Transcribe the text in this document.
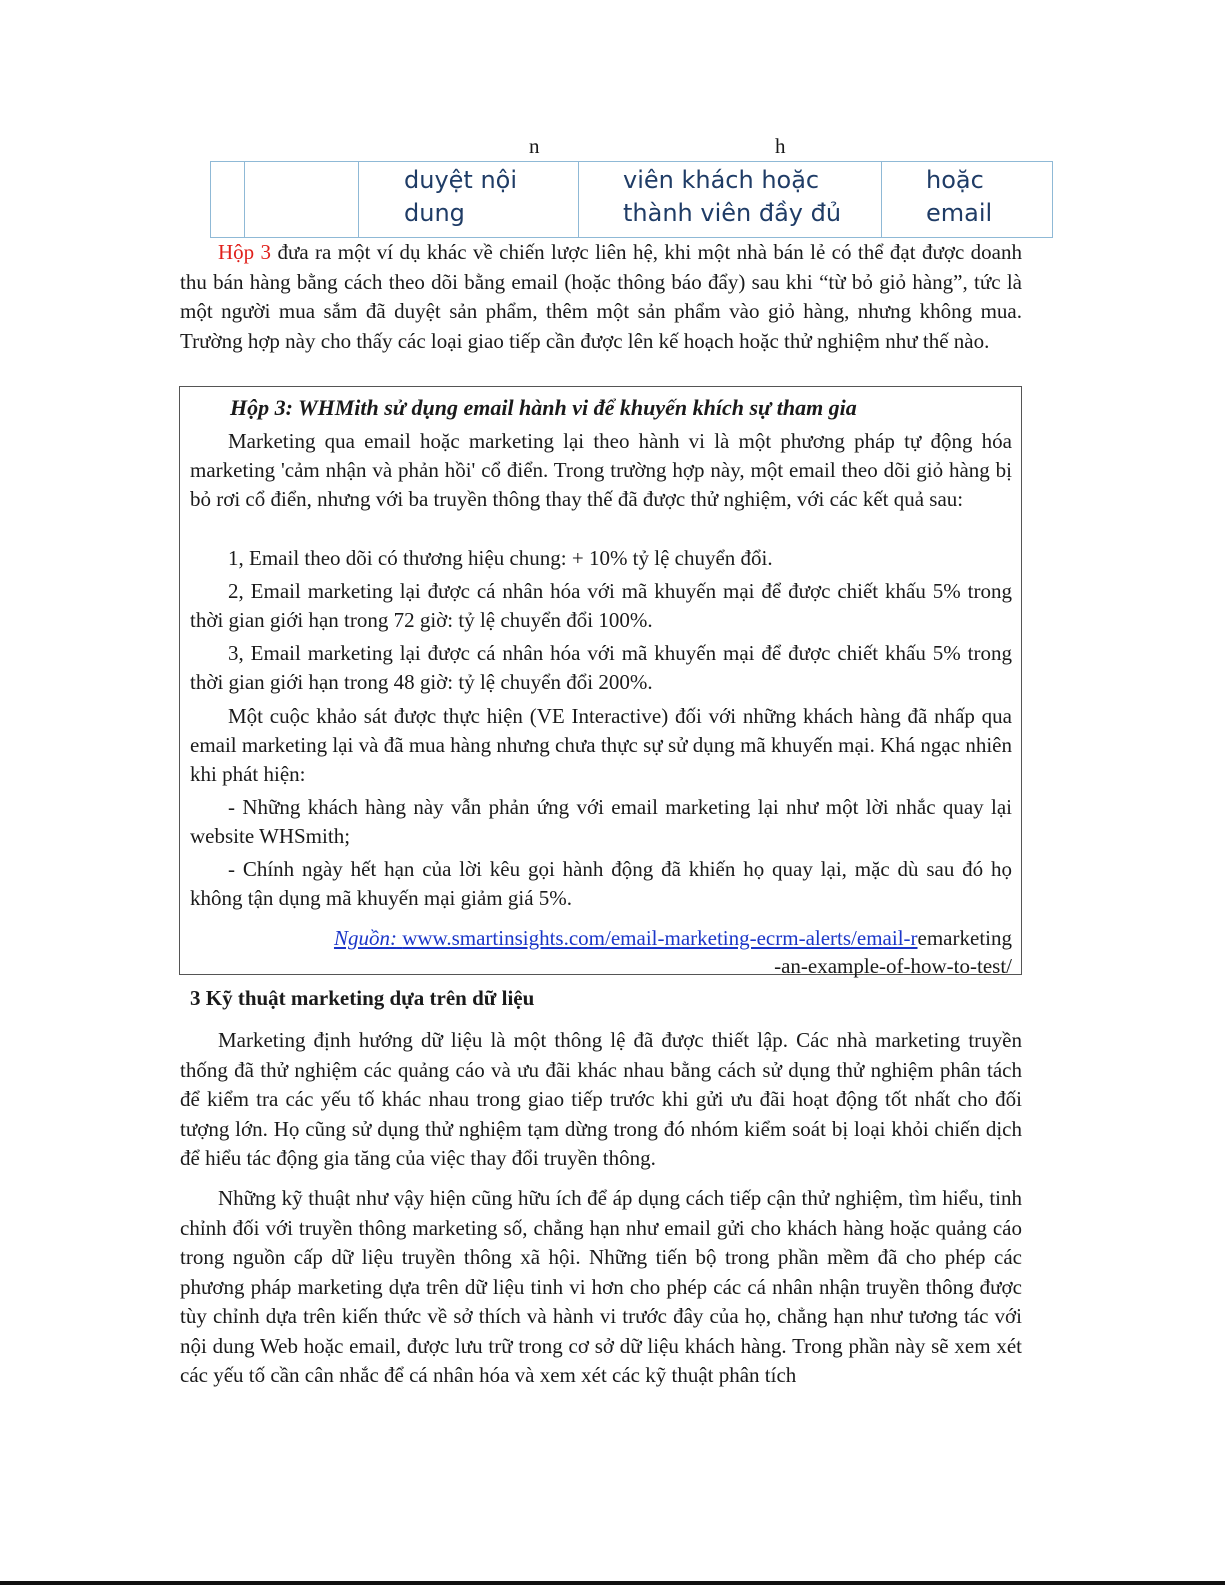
n	h
		duyệt nội dung	viên khách hoặc thành viên đầy đủ	hoặc email

Hộp 3 đưa ra một ví dụ khác về chiến lược liên hệ, khi một nhà bán lẻ có thể đạt được doanh thu bán hàng bằng cách theo dõi bằng email (hoặc thông báo đẩy) sau khi “từ bỏ giỏ hàng”, tức là một người mua sắm đã duyệt sản phẩm, thêm một sản phẩm vào giỏ hàng, nhưng không mua. Trường hợp này cho thấy các loại giao tiếp cần được lên kế hoạch hoặc thử nghiệm như thế nào.

Hộp 3: WHMith sử dụng email hành vi để khuyến khích sự tham gia

Marketing qua email hoặc marketing lại theo hành vi là một phương pháp tự động hóa marketing 'cảm nhận và phản hồi' cổ điển. Trong trường hợp này, một email theo dõi giỏ hàng bị bỏ rơi cổ điển, nhưng với ba truyền thông thay thế đã được thử nghiệm, với các kết quả sau:

1, Email theo dõi có thương hiệu chung: + 10% tỷ lệ chuyển đổi.

2, Email marketing lại được cá nhân hóa với mã khuyến mại để được chiết khấu 5% trong thời gian giới hạn trong 72 giờ: tỷ lệ chuyển đổi 100%.

3, Email marketing lại được cá nhân hóa với mã khuyến mại để được chiết khấu 5% trong thời gian giới hạn trong 48 giờ: tỷ lệ chuyển đổi 200%.

Một cuộc khảo sát được thực hiện (VE Interactive) đối với những khách hàng đã nhấp qua email marketing lại và đã mua hàng nhưng chưa thực sự sử dụng mã khuyến mại. Khá ngạc nhiên khi phát hiện:

- Những khách hàng này vẫn phản ứng với email marketing lại như một lời nhắc quay lại website WHSmith;

- Chính ngày hết hạn của lời kêu gọi hành động đã khiến họ quay lại, mặc dù sau đó họ không tận dụng mã khuyến mại giảm giá 5%.

Nguồn: www.smartinsights.com/email-marketing-ecrm-alerts/email-remarketing
-an-example-of-how-to-test/
3 Kỹ thuật marketing dựa trên dữ liệu

Marketing định hướng dữ liệu là một thông lệ đã được thiết lập. Các nhà marketing truyền thống đã thử nghiệm các quảng cáo và ưu đãi khác nhau bằng cách sử dụng thử nghiệm phân tách để kiểm tra các yếu tố khác nhau trong giao tiếp trước khi gửi ưu đãi hoạt động tốt nhất cho đối tượng lớn. Họ cũng sử dụng thử nghiệm tạm dừng trong đó nhóm kiểm soát bị loại khỏi chiến dịch để hiểu tác động gia tăng của việc thay đổi truyền thông.

Những kỹ thuật như vậy hiện cũng hữu ích để áp dụng cách tiếp cận thử nghiệm, tìm hiểu, tinh chỉnh đối với truyền thông marketing số, chẳng hạn như email gửi cho khách hàng hoặc quảng cáo trong nguồn cấp dữ liệu truyền thông xã hội. Những tiến bộ trong phần mềm đã cho phép các phương pháp marketing dựa trên dữ liệu tinh vi hơn cho phép các cá nhân nhận truyền thông được tùy chỉnh dựa trên kiến thức về sở thích và hành vi trước đây của họ, chẳng hạn như tương tác với nội dung Web hoặc email, được lưu trữ trong cơ sở dữ liệu khách hàng. Trong phần này sẽ xem xét các yếu tố cần cân nhắc để cá nhân hóa và xem xét các kỹ thuật phân tích
